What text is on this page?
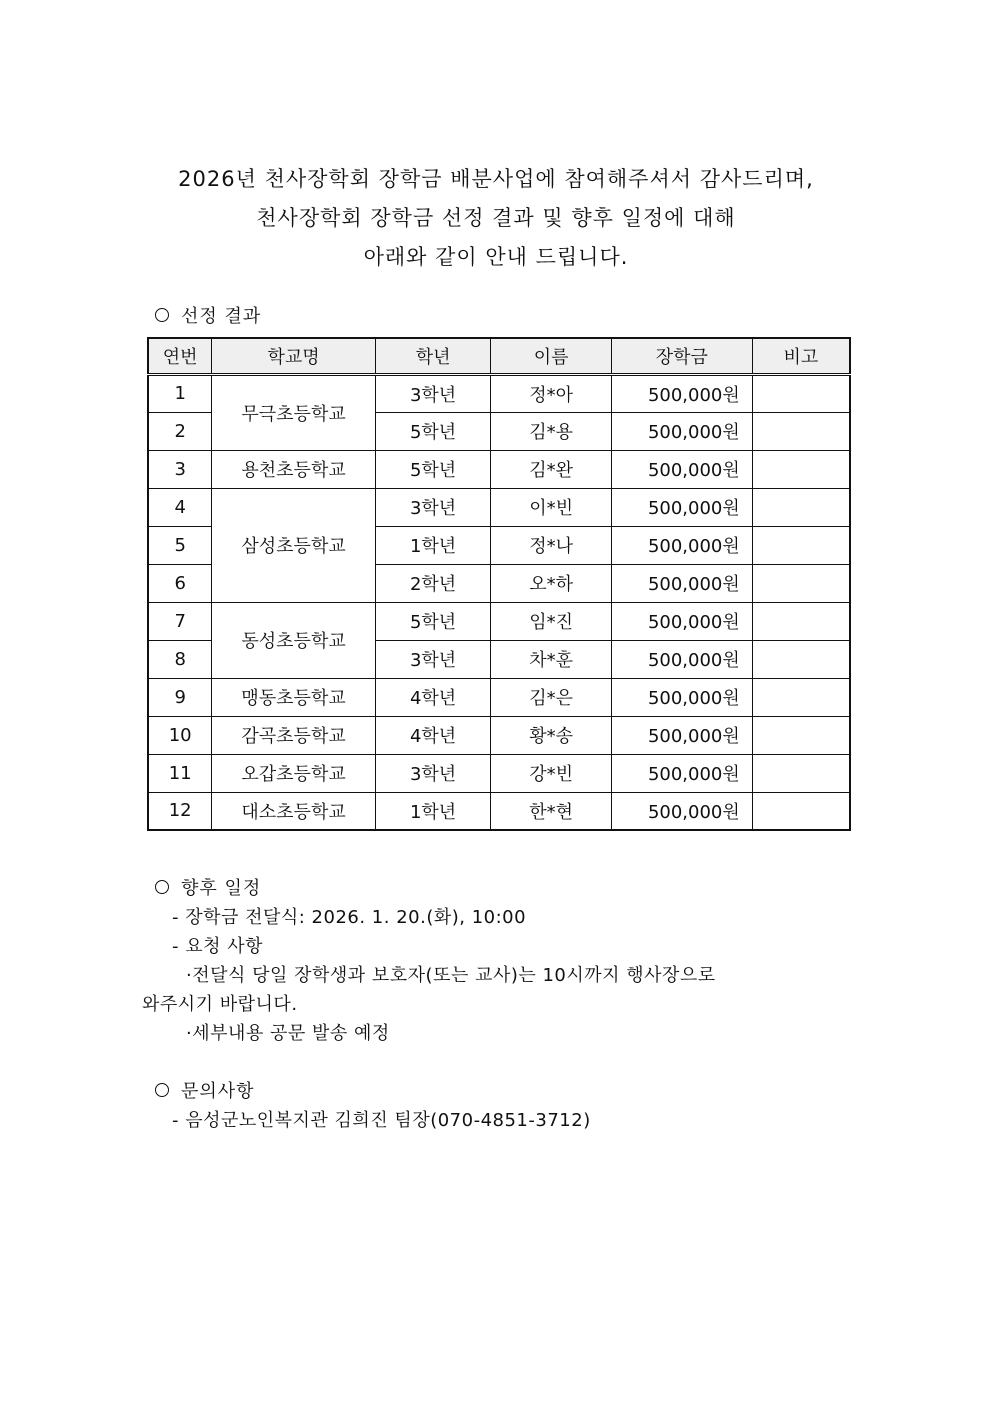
2026년 천사장학회 장학금 배분사업에 참여해주셔서 감사드리며,
천사장학회 장학금 선정 결과 및 향후 일정에 대해
아래와 같이 안내 드립니다.
선정 결과
연번	학교명	학년	이름	장학금	비고
1	무극초등학교	3학년	정*아	500,000원	
2		5학년	김*용	500,000원	
3	용천초등학교	5학년	김*완	500,000원	
4	삼성초등학교	3학년	이*빈	500,000원	
5		1학년	정*나	500,000원	
6		2학년	오*하	500,000원	
7	동성초등학교	5학년	임*진	500,000원	
8		3학년	차*훈	500,000원	
9	맹동초등학교	4학년	김*은	500,000원	
10	감곡초등학교	4학년	황*송	500,000원	
11	오갑초등학교	3학년	강*빈	500,000원	
12	대소초등학교	1학년	한*현	500,000원	
향후 일정
- 장학금 전달식: 2026. 1. 20.(화), 10:00
- 요청 사항
·전달식 당일 장학생과 보호자(또는 교사)는 10시까지 행사장으로
와주시기 바랍니다.
·세부내용 공문 발송 예정
문의사항
- 음성군노인복지관 김희진 팀장(070-4851-3712)
